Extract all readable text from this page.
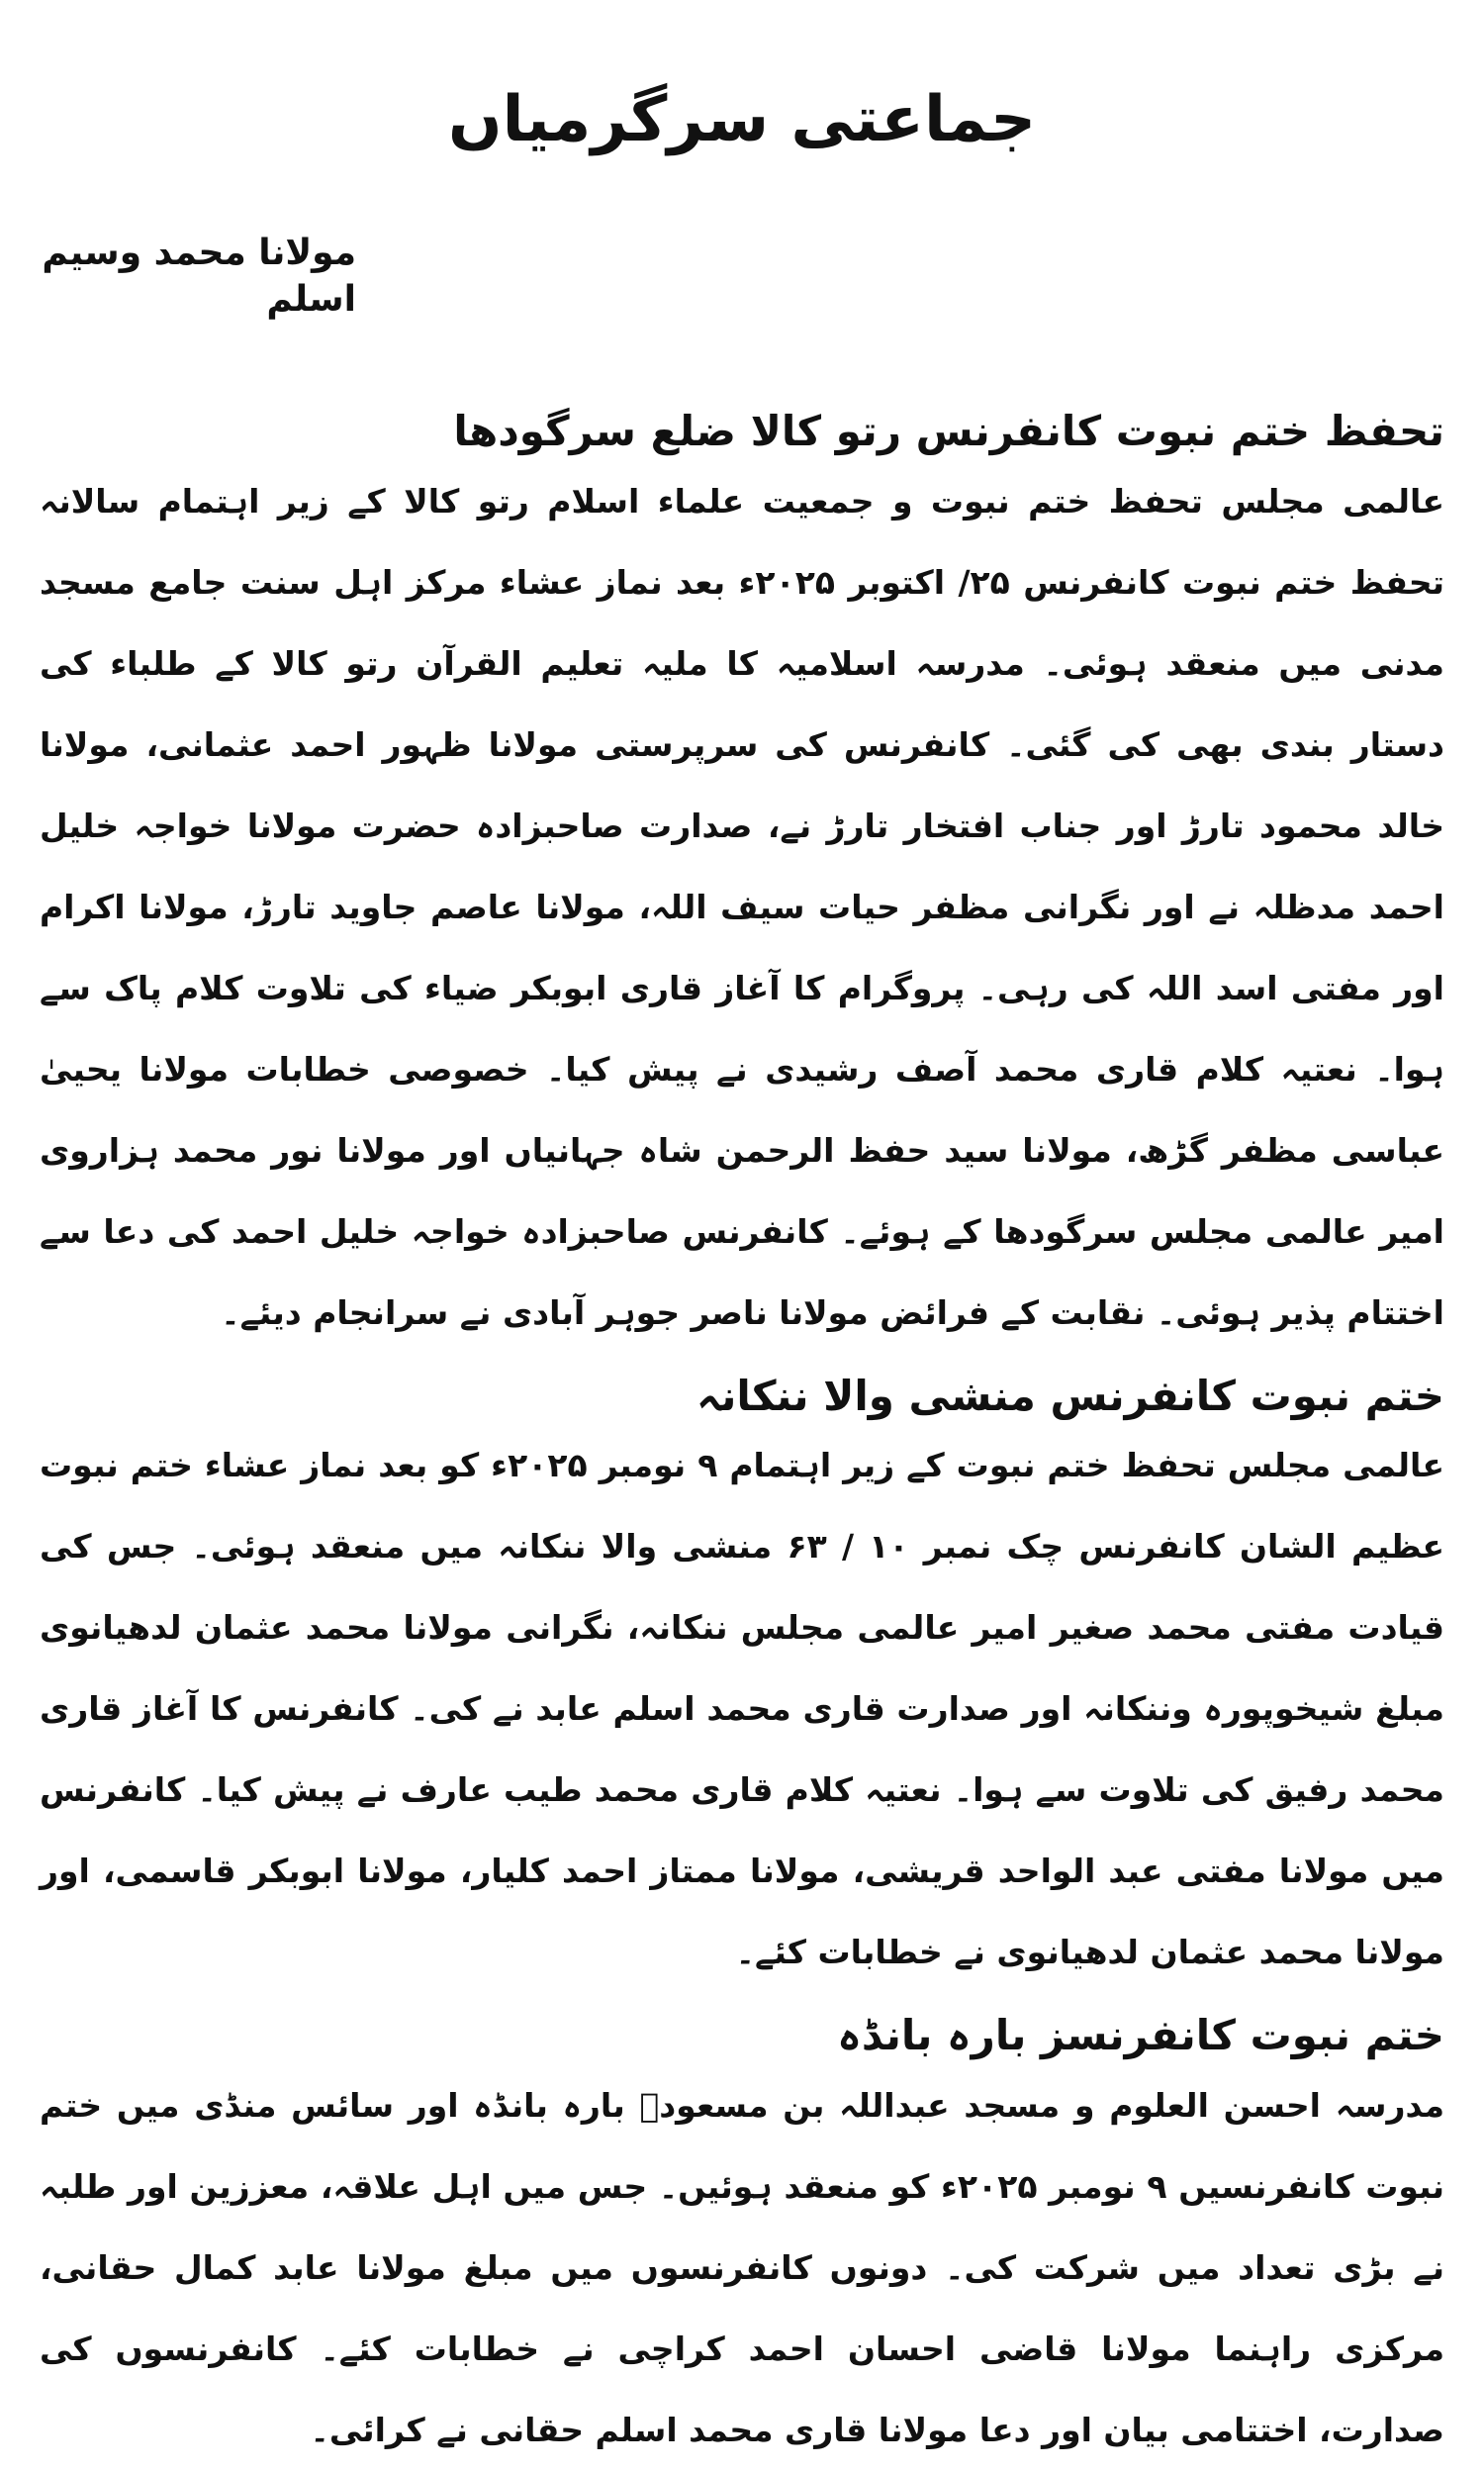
جماعتی سرگرمیاں
مولانا محمد وسیم اسلم
تحفظ ختم نبوت کانفرنس رتو کالا ضلع سرگودھا

عالمی مجلس تحفظ ختم نبوت و جمعیت علماء اسلام رتو کالا کے زیر اہتمام سالانہ تحفظ ختم نبوت کانفرنس ۲۵/ اکتوبر ۲۰۲۵ء بعد نماز عشاء مرکز اہل سنت جامع مسجد مدنی میں منعقد ہوئی۔ مدرسہ اسلامیہ کا ملیہ تعلیم القرآن رتو کالا کے طلباء کی دستار بندی بھی کی گئی۔ کانفرنس کی سرپرستی مولانا ظہور احمد عثمانی، مولانا خالد محمود تارڑ اور جناب افتخار تارڑ نے، صدارت صاحبزادہ حضرت مولانا خواجہ خلیل احمد مدظلہ نے اور نگرانی مظفر حیات سیف اللہ، مولانا عاصم جاوید تارڑ، مولانا اکرام اور مفتی اسد اللہ کی رہی۔ پروگرام کا آغاز قاری ابوبکر ضیاء کی تلاوت کلام پاک سے ہوا۔ نعتیہ کلام قاری محمد آصف رشیدی نے پیش کیا۔ خصوصی خطابات مولانا یحییٰ عباسی مظفر گڑھ، مولانا سید حفظ الرحمن شاہ جہانیاں اور مولانا نور محمد ہزاروی امیر عالمی مجلس سرگودھا کے ہوئے۔ کانفرنس صاحبزادہ خواجہ خلیل احمد کی دعا سے اختتام پذیر ہوئی۔ نقابت کے فرائض مولانا ناصر جوہر آبادی نے سرانجام دیئے۔

ختم نبوت کانفرنس منشی والا ننکانہ

عالمی مجلس تحفظ ختم نبوت کے زیر اہتمام ۹ نومبر ۲۰۲۵ء کو بعد نماز عشاء ختم نبوت عظیم الشان کانفرنس چک نمبر ۱۰ / ۶۳ منشی والا ننکانہ میں منعقد ہوئی۔ جس کی قیادت مفتی محمد صغیر امیر عالمی مجلس ننکانہ، نگرانی مولانا محمد عثمان لدھیانوی مبلغ شیخوپورہ وننکانہ اور صدارت قاری محمد اسلم عابد نے کی۔ کانفرنس کا آغاز قاری محمد رفیق کی تلاوت سے ہوا۔ نعتیہ کلام قاری محمد طیب عارف نے پیش کیا۔ کانفرنس میں مولانا مفتی عبد الواحد قریشی، مولانا ممتاز احمد کلیار، مولانا ابوبکر قاسمی، اور مولانا محمد عثمان لدھیانوی نے خطابات کئے۔

ختم نبوت کانفرنسز بارہ بانڈہ

مدرسہ احسن العلوم و مسجد عبداللہ بن مسعودؓ بارہ بانڈہ اور سائس منڈی میں ختم نبوت کانفرنسیں ۹ نومبر ۲۰۲۵ء کو منعقد ہوئیں۔ جس میں اہل علاقہ، معززین اور طلبہ نے بڑی تعداد میں شرکت کی۔ دونوں کانفرنسوں میں مبلغ مولانا عابد کمال حقانی، مرکزی راہنما مولانا قاضی احسان احمد کراچی نے خطابات کئے۔ کانفرنسوں کی صدارت، اختتامی بیان اور دعا مولانا قاری محمد اسلم حقانی نے کرائی۔
